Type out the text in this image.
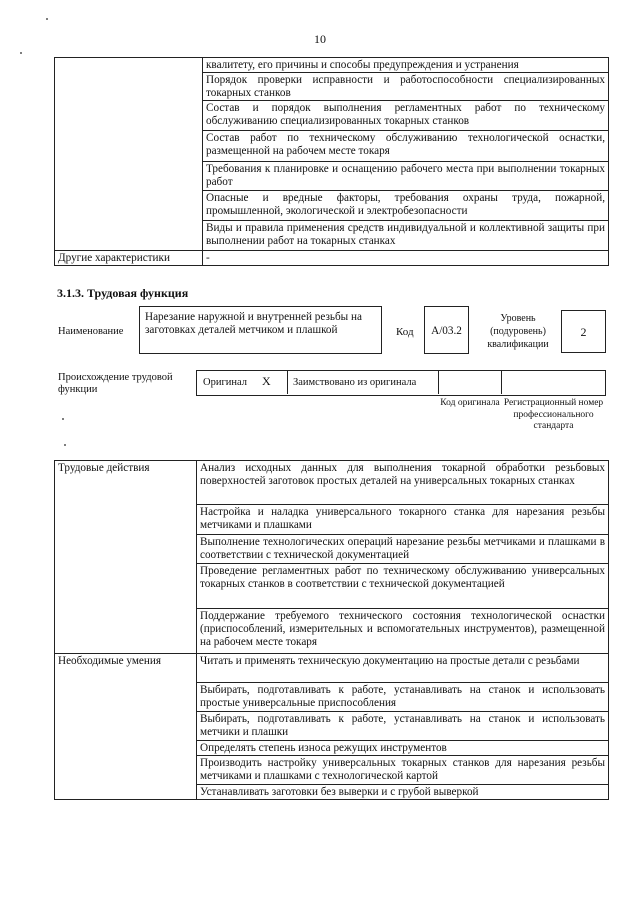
10
	квалитету, его причины и способы предупреждения и устранения
	Порядок проверки исправности и работоспособности специализированных токарных станков
	Состав и порядок выполнения регламентных работ по техническому обслуживанию специализированных токарных станков
	Состав работ по техническому обслуживанию технологической оснастки, размещенной на рабочем месте токаря
	Требования к планировке и оснащению рабочего места при выполнении токарных работ
	Опасные и вредные факторы, требования охраны труда, пожарной, промышленной, экологической и электробезопасности
	Виды и правила применения средств индивидуальной и коллективной защиты при выполнении работ на токарных станках
Другие характеристики	-
3.1.3. Трудовая функция
Наименование
Нарезание наружной и внутренней резьбы на заготовках деталей метчиком и плашкой	Код	А/03.2
Уровень (подуровень) квалификации
2
Происхождение трудовой функции
Оригинал X Заимствовано из оригинала
Код оригинала Регистрационный номер профессионального стандарта
Трудовые действия	Анализ исходных данных для выполнения токарной обработки резьбовых поверхностей заготовок простых деталей на универсальных токарных станках
	Настройка и наладка универсального токарного станка для нарезания резьбы метчиками и плашками
	Выполнение технологических операций нарезание резьбы метчиками и плашками в соответствии с технической документацией
	Проведение регламентных работ по техническому обслуживанию универсальных токарных станков в соответствии с технической документацией
	Поддержание требуемого технического состояния технологической оснастки (приспособлений, измерительных и вспомогательных инструментов), размещенной на рабочем месте токаря
Необходимые умения	Читать и применять техническую документацию на простые детали с резьбами
	Выбирать, подготавливать к работе, устанавливать на станок и использовать простые универсальные приспособления
	Выбирать, подготавливать к работе, устанавливать на станок и использовать метчики и плашки
	Определять степень износа режущих инструментов
	Производить настройку универсальных токарных станков для нарезания резьбы метчиками и плашками с технологической картой
	Устанавливать заготовки без выверки и с грубой выверкой
